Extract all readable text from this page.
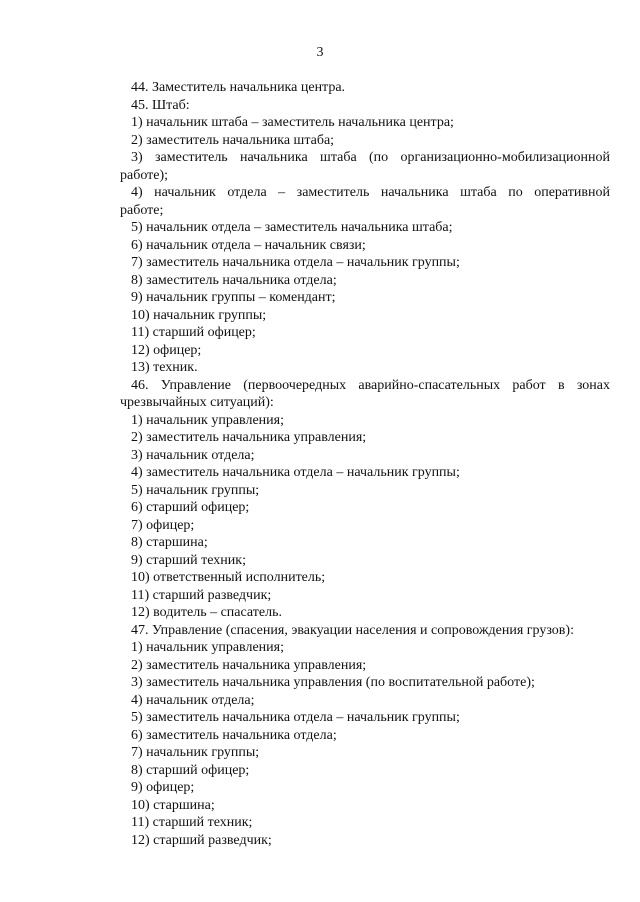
3

44. Заместитель начальника центра.

45. Штаб:

1) начальник штаба – заместитель начальника центра;

2) заместитель начальника штаба;

3) заместитель начальника штаба (по организационно-мобилизационной

работе);

4) начальник отдела – заместитель начальника штаба по оперативной

работе;

5) начальник отдела – заместитель начальника штаба;

6) начальник отдела – начальник связи;

7) заместитель начальника отдела – начальник группы;

8) заместитель начальника отдела;

9) начальник группы – комендант;

10) начальник группы;

11) старший офицер;

12) офицер;

13) техник.

46. Управление (первоочередных аварийно-спасательных работ в зонах

чрезвычайных ситуаций):

1) начальник управления;

2) заместитель начальника управления;

3) начальник отдела;

4) заместитель начальника отдела – начальник группы;

5) начальник группы;

6) старший офицер;

7) офицер;

8) старшина;

9) старший техник;

10) ответственный исполнитель;

11) старший разведчик;

12) водитель – спасатель.

47. Управление (спасения, эвакуации населения и сопровождения грузов):

1) начальник управления;

2) заместитель начальника управления;

3) заместитель начальника управления (по воспитательной работе);

4) начальник отдела;

5) заместитель начальника отдела – начальник группы;

6) заместитель начальника отдела;

7) начальник группы;

8) старший офицер;

9) офицер;

10) старшина;

11) старший техник;

12) старший разведчик;
